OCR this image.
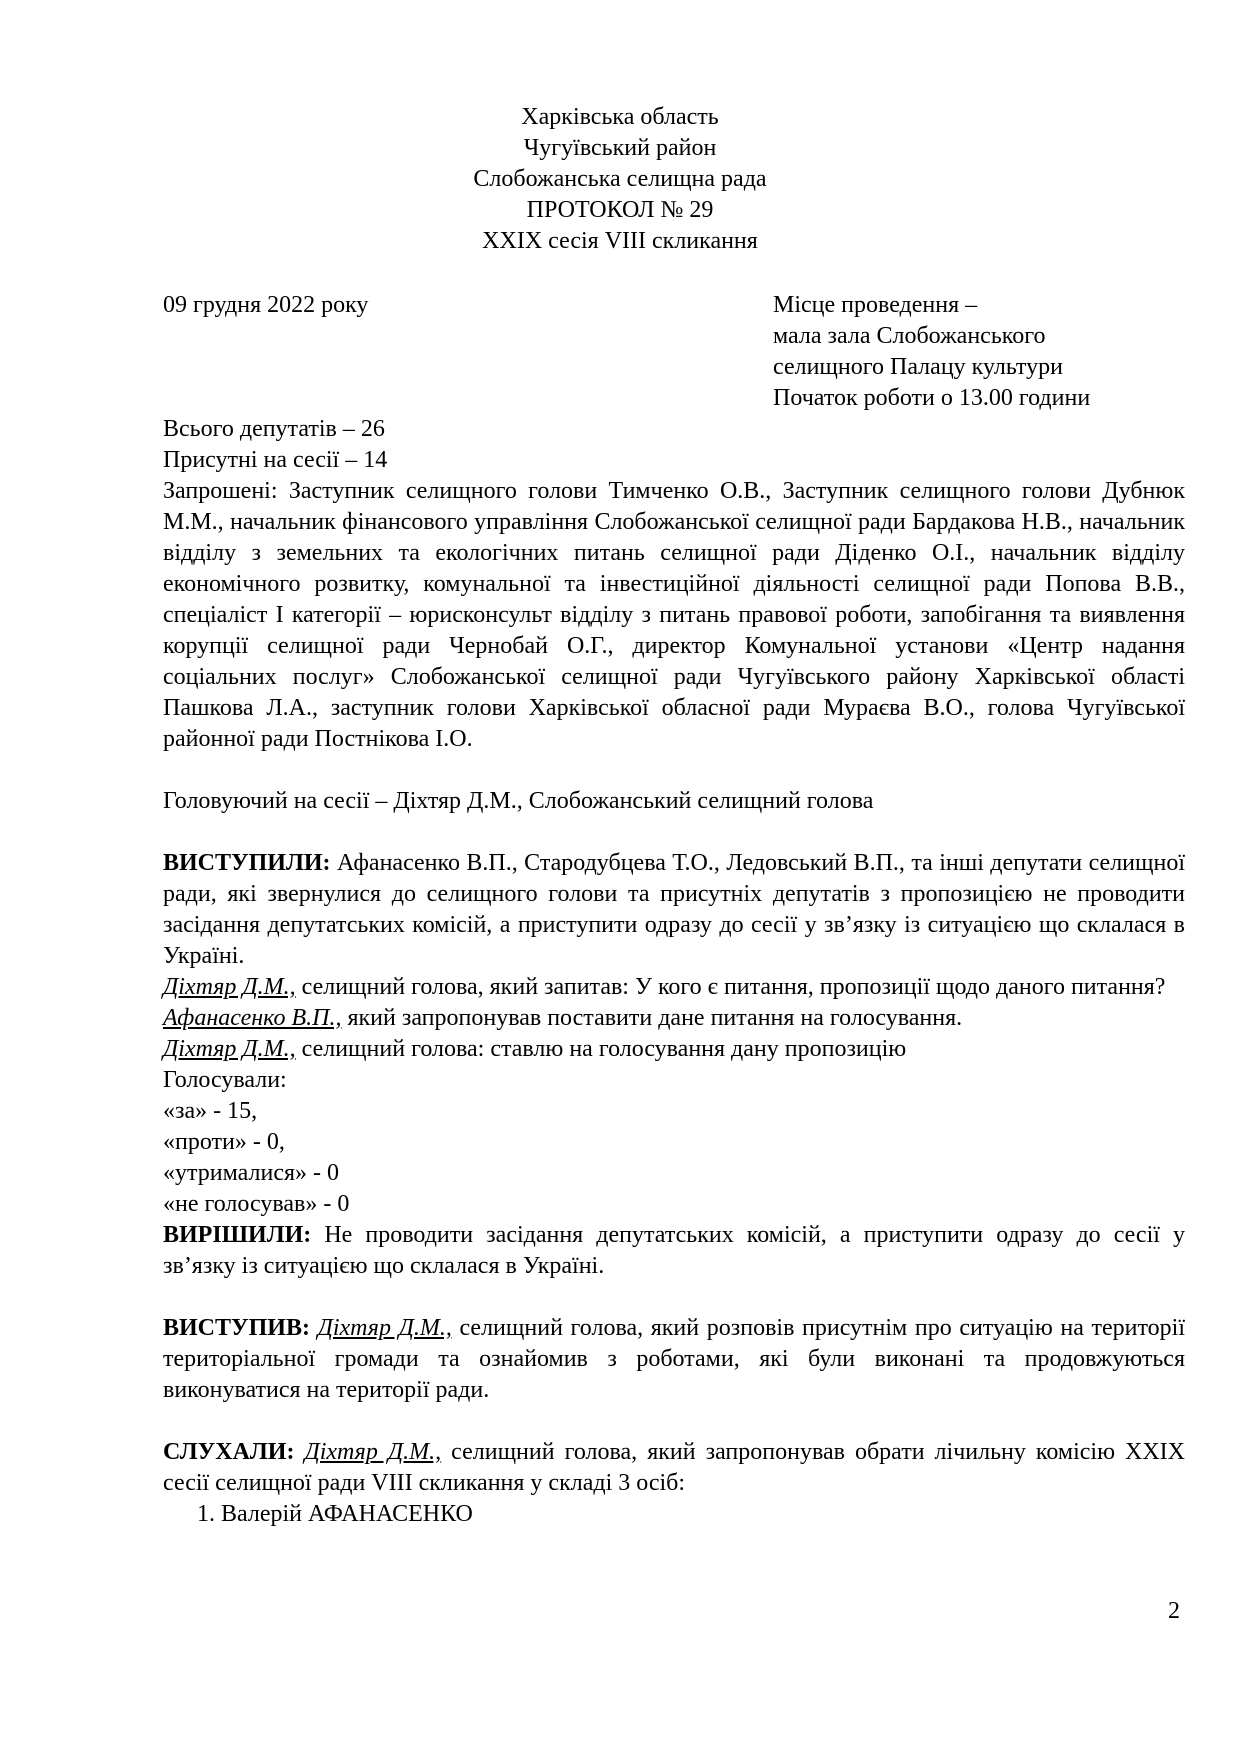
Харківська область
Чугуївський район
Слобожанська селищна рада
ПРОТОКОЛ № 29
XXIX сесія VIII скликання
09 грудня 2022 року	Місце проведення –
мала зала Слобожанського
селищного Палацу культури
Початок роботи о 13.00 години

Всього депутатів – 26

Присутні на сесії – 14

Запрошені: Заступник селищного голови Тимченко О.В., Заступник селищного голови Дубнюк М.М., начальник фінансового управління Слобожанської селищної ради Бардакова Н.В., начальник відділу з земельних та екологічних питань селищної ради Діденко О.І., начальник відділу економічного розвитку, комунальної та інвестиційної діяльності селищної ради Попова В.В., спеціаліст І категорії – юрисконсульт відділу з питань правової роботи, запобігання та виявлення корупції селищної ради Чернобай О.Г., директор Комунальної установи «Центр надання соціальних послуг» Слобожанської селищної ради Чугуївського району Харківської області Пашкова Л.А., заступник голови Харківської обласної ради Мураєва В.О., голова Чугуївської районної ради Постнікова І.О.

Головуючий на сесії – Діхтяр Д.М., Слобожанський селищний голова

ВИСТУПИЛИ: Афанасенко В.П., Стародубцева Т.О., Ледовський В.П., та інші депутати селищної ради, які звернулися до селищного голови та присутніх депутатів з пропозицією не проводити засідання депутатських комісій, а приступити одразу до сесії у зв’язку із ситуацією що склалася в Україні.

Діхтяр Д.М., селищний голова, який запитав: У кого є питання, пропозиції щодо даного питання?

Афанасенко В.П., який запропонував поставити дане питання на голосування.

Діхтяр Д.М., селищний голова: ставлю на голосування дану пропозицію

Голосували:

«за» - 15,

«проти» - 0,

«утрималися» - 0

«не голосував» - 0

ВИРІШИЛИ: Не проводити засідання депутатських комісій, а приступити одразу до сесії у зв’язку із ситуацією що склалася в Україні.

ВИСТУПИВ: Діхтяр Д.М., селищний голова, який розповів присутнім про ситуацію на території територіальної громади та ознайомив з роботами, які були виконані та продовжуються виконуватися на території ради.

СЛУХАЛИ: Діхтяр Д.М., селищний голова, який запропонував обрати лічильну комісію XXIX сесії селищної ради VIII скликання у складі 3 осіб:

1. Валерій АФАНАСЕНКО

2
